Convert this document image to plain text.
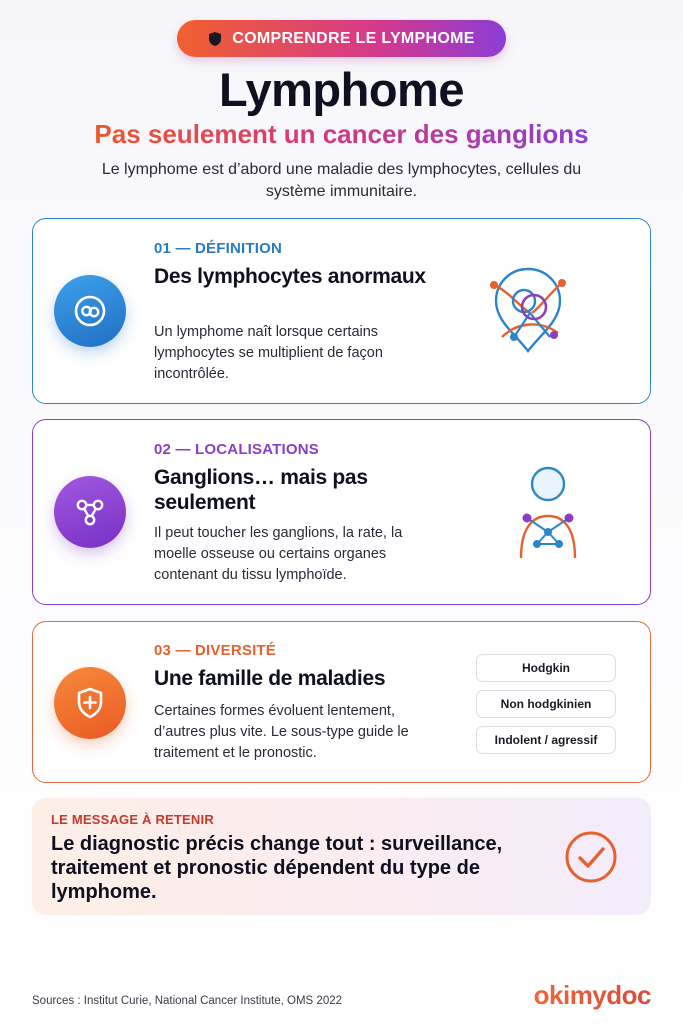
COMPRENDRE LE LYMPHOME
Lymphome
Pas seulement un cancer des ganglions

Le lymphome est d’abord une maladie des lymphocytes, cellules du système immunitaire.

01 — DÉFINITION
Des lymphocytes anormaux
Un lymphome naît lorsque certains lymphocytes se multiplient de façon incontrôlée.
02 — LOCALISATIONS
Ganglions… mais pas seulement
Il peut toucher les ganglions, la rate, la moelle osseuse ou certains organes contenant du tissu lymphoïde.
03 — DIVERSITÉ
Une famille de maladies
Certaines formes évoluent lentement, d’autres plus vite. Le sous-type guide le traitement et le pronostic.
Hodgkin
Non hodgkinien
Indolent / agressif
LE MESSAGE À RETENIR
Le diagnostic précis change tout : surveillance, traitement et pronostic dépendent du type de lymphome.
Sources : Institut Curie, National Cancer Institute, OMS 2022	okimydoc
